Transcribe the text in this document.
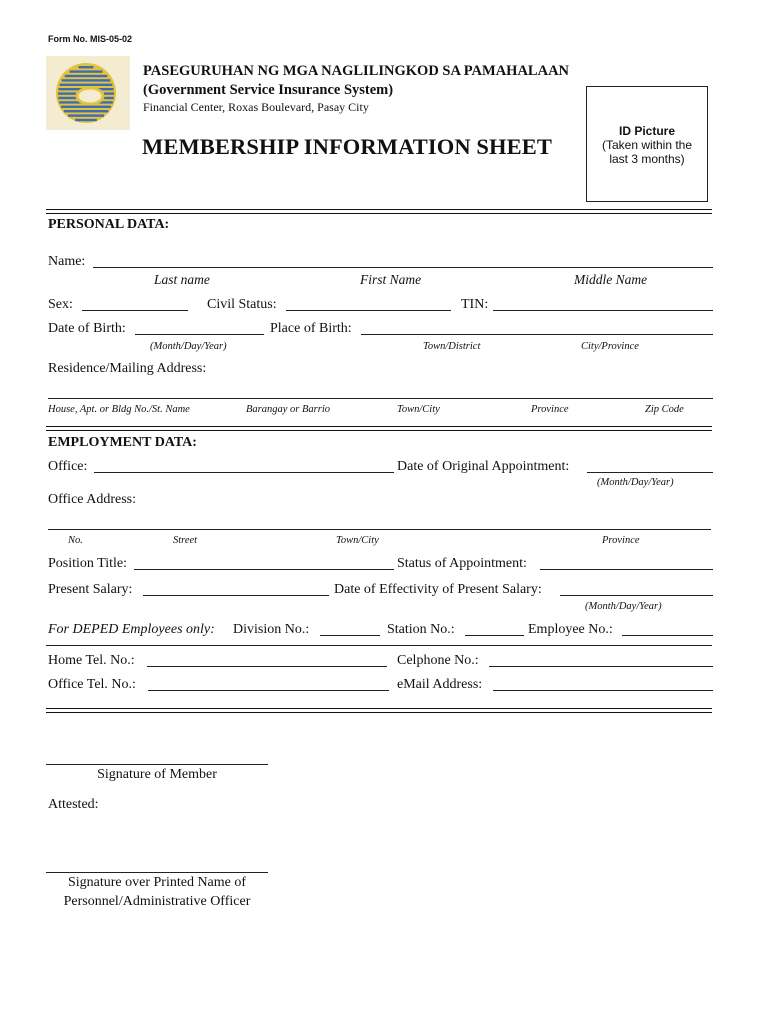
Form No. MIS-05-02
PASEGURUHAN NG MGA NAGLILINGKOD SA PAMAHALAAN
(Government Service Insurance System)
Financial Center, Roxas Boulevard, Pasay City
MEMBERSHIP INFORMATION SHEET
ID Picture
(Taken within the
last 3 months)
PERSONAL DATA:
Name:
Last name	First Name	Middle Name
Sex:	Civil Status:	TIN:
Date of Birth:	Place of Birth:
(Month/Day/Year)	Town/District	City/Province
Residence/Mailing Address:
House, Apt. or Bldg No./St. Name	Barangay or Barrio	Town/City	Province	Zip Code
EMPLOYMENT DATA:
Office:	Date of Original Appointment:
(Month/Day/Year)
Office Address:
No.	Street	Town/City	Province
Position Title:	Status of Appointment:
Present Salary:	Date of Effectivity of Present Salary:
(Month/Day/Year)
For DEPED Employees only: Division No.:	Station No.:	Employee No.:
Home Tel. No.:	Celphone No.:
Office Tel. No.:	eMail Address:
Signature of Member
Attested:
Signature over Printed Name of
Personnel/Administrative Officer
